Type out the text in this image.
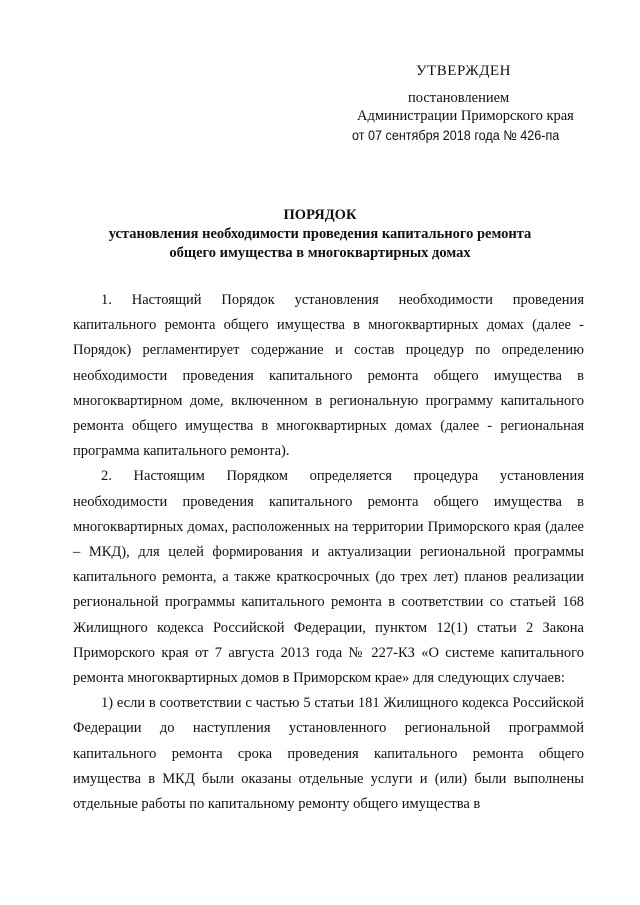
УТВЕРЖДЕН
постановлением
Администрации Приморского края
от 07 сентября 2018 года № 426-па
ПОРЯДОК
установления необходимости проведения капитального ремонта
общего имущества в многоквартирных домах

1. Настоящий Порядок установления необходимости проведения капитального ремонта общего имущества в многоквартирных домах (далее - Порядок) регламентирует содержание и состав процедур по определению необходимости проведения капитального ремонта общего имущества в многоквартирном доме, включенном в региональную программу капитального ремонта общего имущества в многоквартирных домах (далее - региональная программа капитального ремонта).

2. Настоящим Порядком определяется процедура установления необходимости проведения капитального ремонта общего имущества в многоквартирных домах, расположенных на территории Приморского края (далее – МКД), для целей формирования и актуализации региональной программы капитального ремонта, а также краткосрочных (до трех лет) планов реализации региональной программы капитального ремонта в соответствии со статьей 168 Жилищного кодекса Российской Федерации, пунктом 12(1) статьи 2 Закона Приморского края от 7 августа 2013 года № 227-КЗ «О системе капитального ремонта многоквартирных домов в Приморском крае» для следующих случаев:

1) если в соответствии с частью 5 статьи 181 Жилищного кодекса Российской Федерации до наступления установленного региональной программой капитального ремонта срока проведения капитального ремонта общего имущества в МКД были оказаны отдельные услуги и (или) были выполнены отдельные работы по капитальному ремонту общего имущества в
